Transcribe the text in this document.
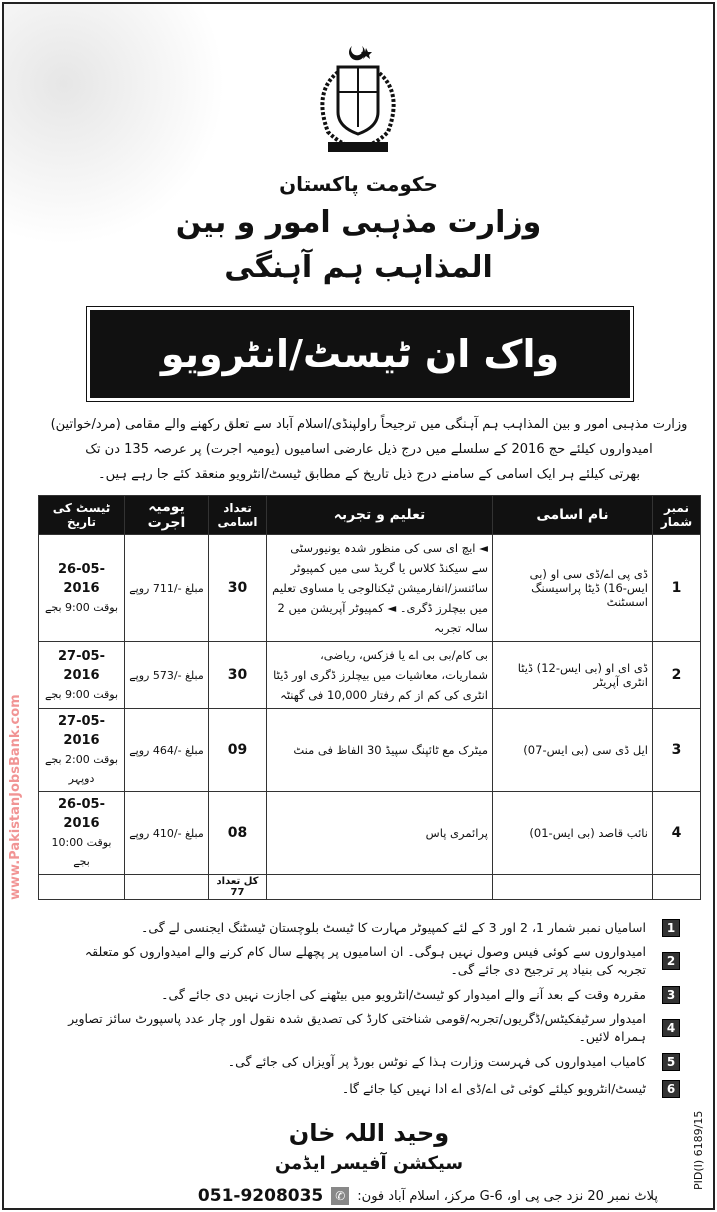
حکومت پاکستان
وزارت مذہبی امور و بین
المذاہب ہم آہنگی
واک ان ٹیسٹ/انٹرویو
وزارت مذہبی امور و بین المذاہب ہم آہنگی میں ترجیحاً راولپنڈی/اسلام آباد سے تعلق رکھنے والے مقامی (مرد/خواتین)
امیدواروں کیلئے حج 2016 کے سلسلے میں درج ذیل عارضی اسامیوں (یومیہ اجرت) پر عرصہ 135 دن تک
بھرتی کیلئے ہر ایک اسامی کے سامنے درج ذیل تاریخ کے مطابق ٹیسٹ/انٹرویو منعقد کئے جا رہے ہیں۔
نمبر شمار	نام اسامی	تعلیم و تجربہ	تعداد اسامی	یومیہ اجرت	ٹیسٹ کی تاریخ
1	ڈی پی اے/ڈی سی او (بی ایس-16) ڈیٹا پراسیسنگ اسسٹنٹ	◄ ایچ ای سی کی منظور شدہ یونیورسٹی سے سیکنڈ کلاس یا گریڈ سی میں کمپیوٹر سائنسز/انفارمیشن ٹیکنالوجی یا مساوی تعلیم میں بیچلرز ڈگری۔ ◄ کمپیوٹر آپریشن میں 2 سالہ تجربہ	30	مبلغ -/711 روپے	26-05-2016
بوقت 9:00 بجے

2	ڈی ای او (بی ایس-12) ڈیٹا انٹری آپریٹر	بی کام/بی بی اے یا فزکس، ریاضی، شماریات، معاشیات میں بیچلرز ڈگری اور ڈیٹا انٹری کی کم از کم رفتار 10,000 فی گھنٹہ	30	مبلغ -/573 روپے	27-05-2016
بوقت 9:00 بجے

3	ایل ڈی سی (بی ایس-07)	میٹرک مع ٹائپنگ سپیڈ 30 الفاظ فی منٹ	09	مبلغ -/464 روپے	27-05-2016
بوقت 2:00 بجے دوپہر

4	نائب قاصد (بی ایس-01)	پرائمری پاس	08	مبلغ -/410 روپے	26-05-2016
بوقت 10:00 بجے

			کل تعداد 77		
1
اسامیاں نمبر شمار 1، 2 اور 3 کے لئے کمپیوٹر مہارت کا ٹیسٹ بلوچستان ٹیسٹنگ ایجنسی لے گی۔
2
امیدواروں سے کوئی فیس وصول نہیں ہوگی۔ ان اسامیوں پر پچھلے سال کام کرنے والے امیدواروں کو متعلقہ تجربہ کی بنیاد پر ترجیح دی جائے گی۔
3
مقررہ وقت کے بعد آنے والے امیدوار کو ٹیسٹ/انٹرویو میں بیٹھنے کی اجازت نہیں دی جائے گی۔
4
امیدوار سرٹیفکیٹس/ڈگریوں/تجربہ/قومی شناختی کارڈ کی تصدیق شدہ نقول اور چار عدد پاسپورٹ سائز تصاویر ہمراہ لائیں۔
5
کامیاب امیدواروں کی فہرست وزارت ہذا کے نوٹس بورڈ پر آویزاں کی جائے گی۔
6
ٹیسٹ/انٹرویو کیلئے کوئی ٹی اے/ڈی اے ادا نہیں کیا جائے گا۔
وحید اللہ خان
سیکشن آفیسر ایڈمن
پلاٹ نمبر 20 نزد جی پی او، G-6 مرکز، اسلام آباد فون:
✆
051-9208035
www.PakistanJobsBank.com
PID(I) 6189/15
